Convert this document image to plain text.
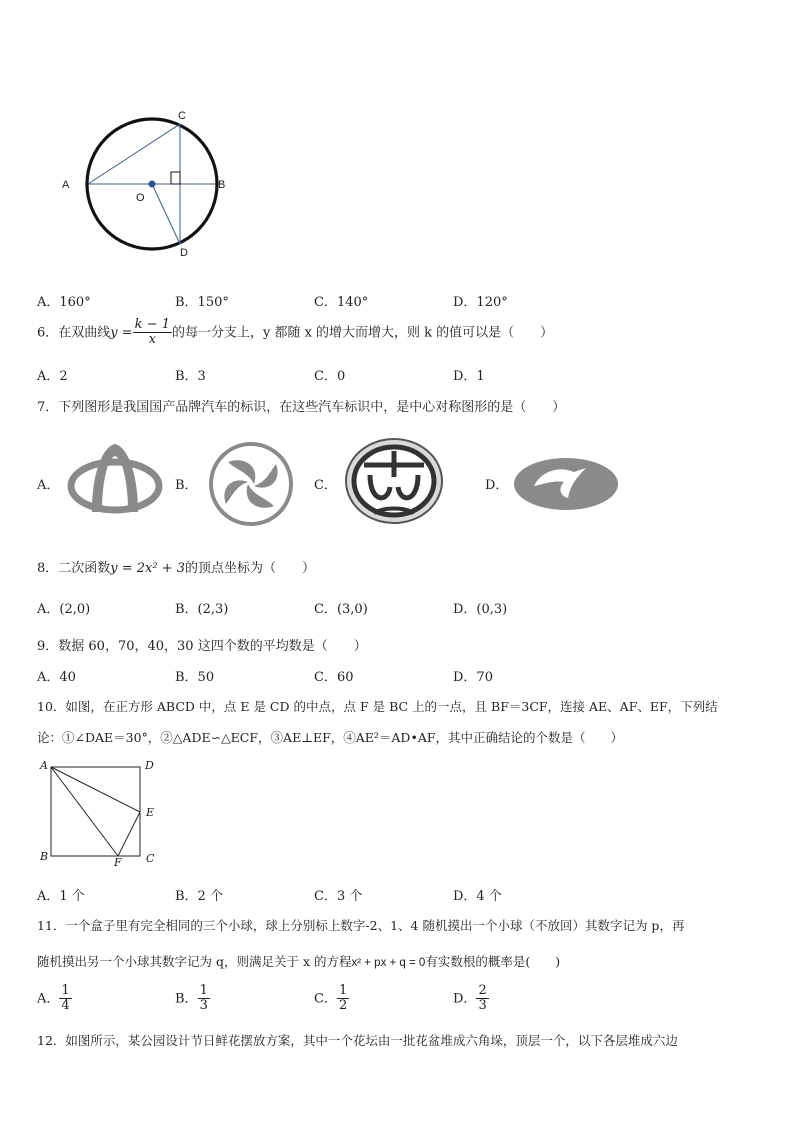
A	B
C
D
O
A．160°	B．150°	C．140°	D．120°
6．在双曲线$y = \frac{k - 1}{x}$ 的每一分支上，y 都随 x 的增大而增大，则 k 的值可以是（　　）
A．2	B．3	C．0	D．1
7．下列图形是我国国产品牌汽车的标识，在这些汽车标识中，是中心对称图形的是（　　）
A．	B．	C．	D．
8．二次函数y = 2x² + 3的顶点坐标为（　　）
A．(2,0)	B．(2,3)	C．(3,0)	D．(0,3)
9．数据 60，70，40，30 这四个数的平均数是（　　）
A．40	B．50	C．60	D．70
10．如图，在正方形 ABCD 中，点 E 是 CD 的中点，点 F 是 BC 上的一点，且 BF＝3CF，连接 AE、AF、EF，下列结
论：①∠DAE＝30°，②△ADE∽△ECF，③AE⊥EF，④AE²＝AD•AF，其中正确结论的个数是（　　）
A	D
E
B	C
F
A．1 个	B．2 个	C．3 个	D．4 个
11．一个盒子里有完全相同的三个小球，球上分别标上数字-2、1、4 随机摸出一个小球（不放回）其数字记为 p，再
随机摸出另一个小球其数字记为 q，则满足关于 x 的方程x² + px + q = 0有实数根的概率是(　　)
A． $\frac{1}{4}$	B． $\frac{1}{3}$	C． $\frac{1}{2}$	D． $\frac{2}{3}$
12．如图所示，某公园设计节日鲜花摆放方案，其中一个花坛由一批花盆堆成六角垛，顶层一个，以下各层堆成六边
